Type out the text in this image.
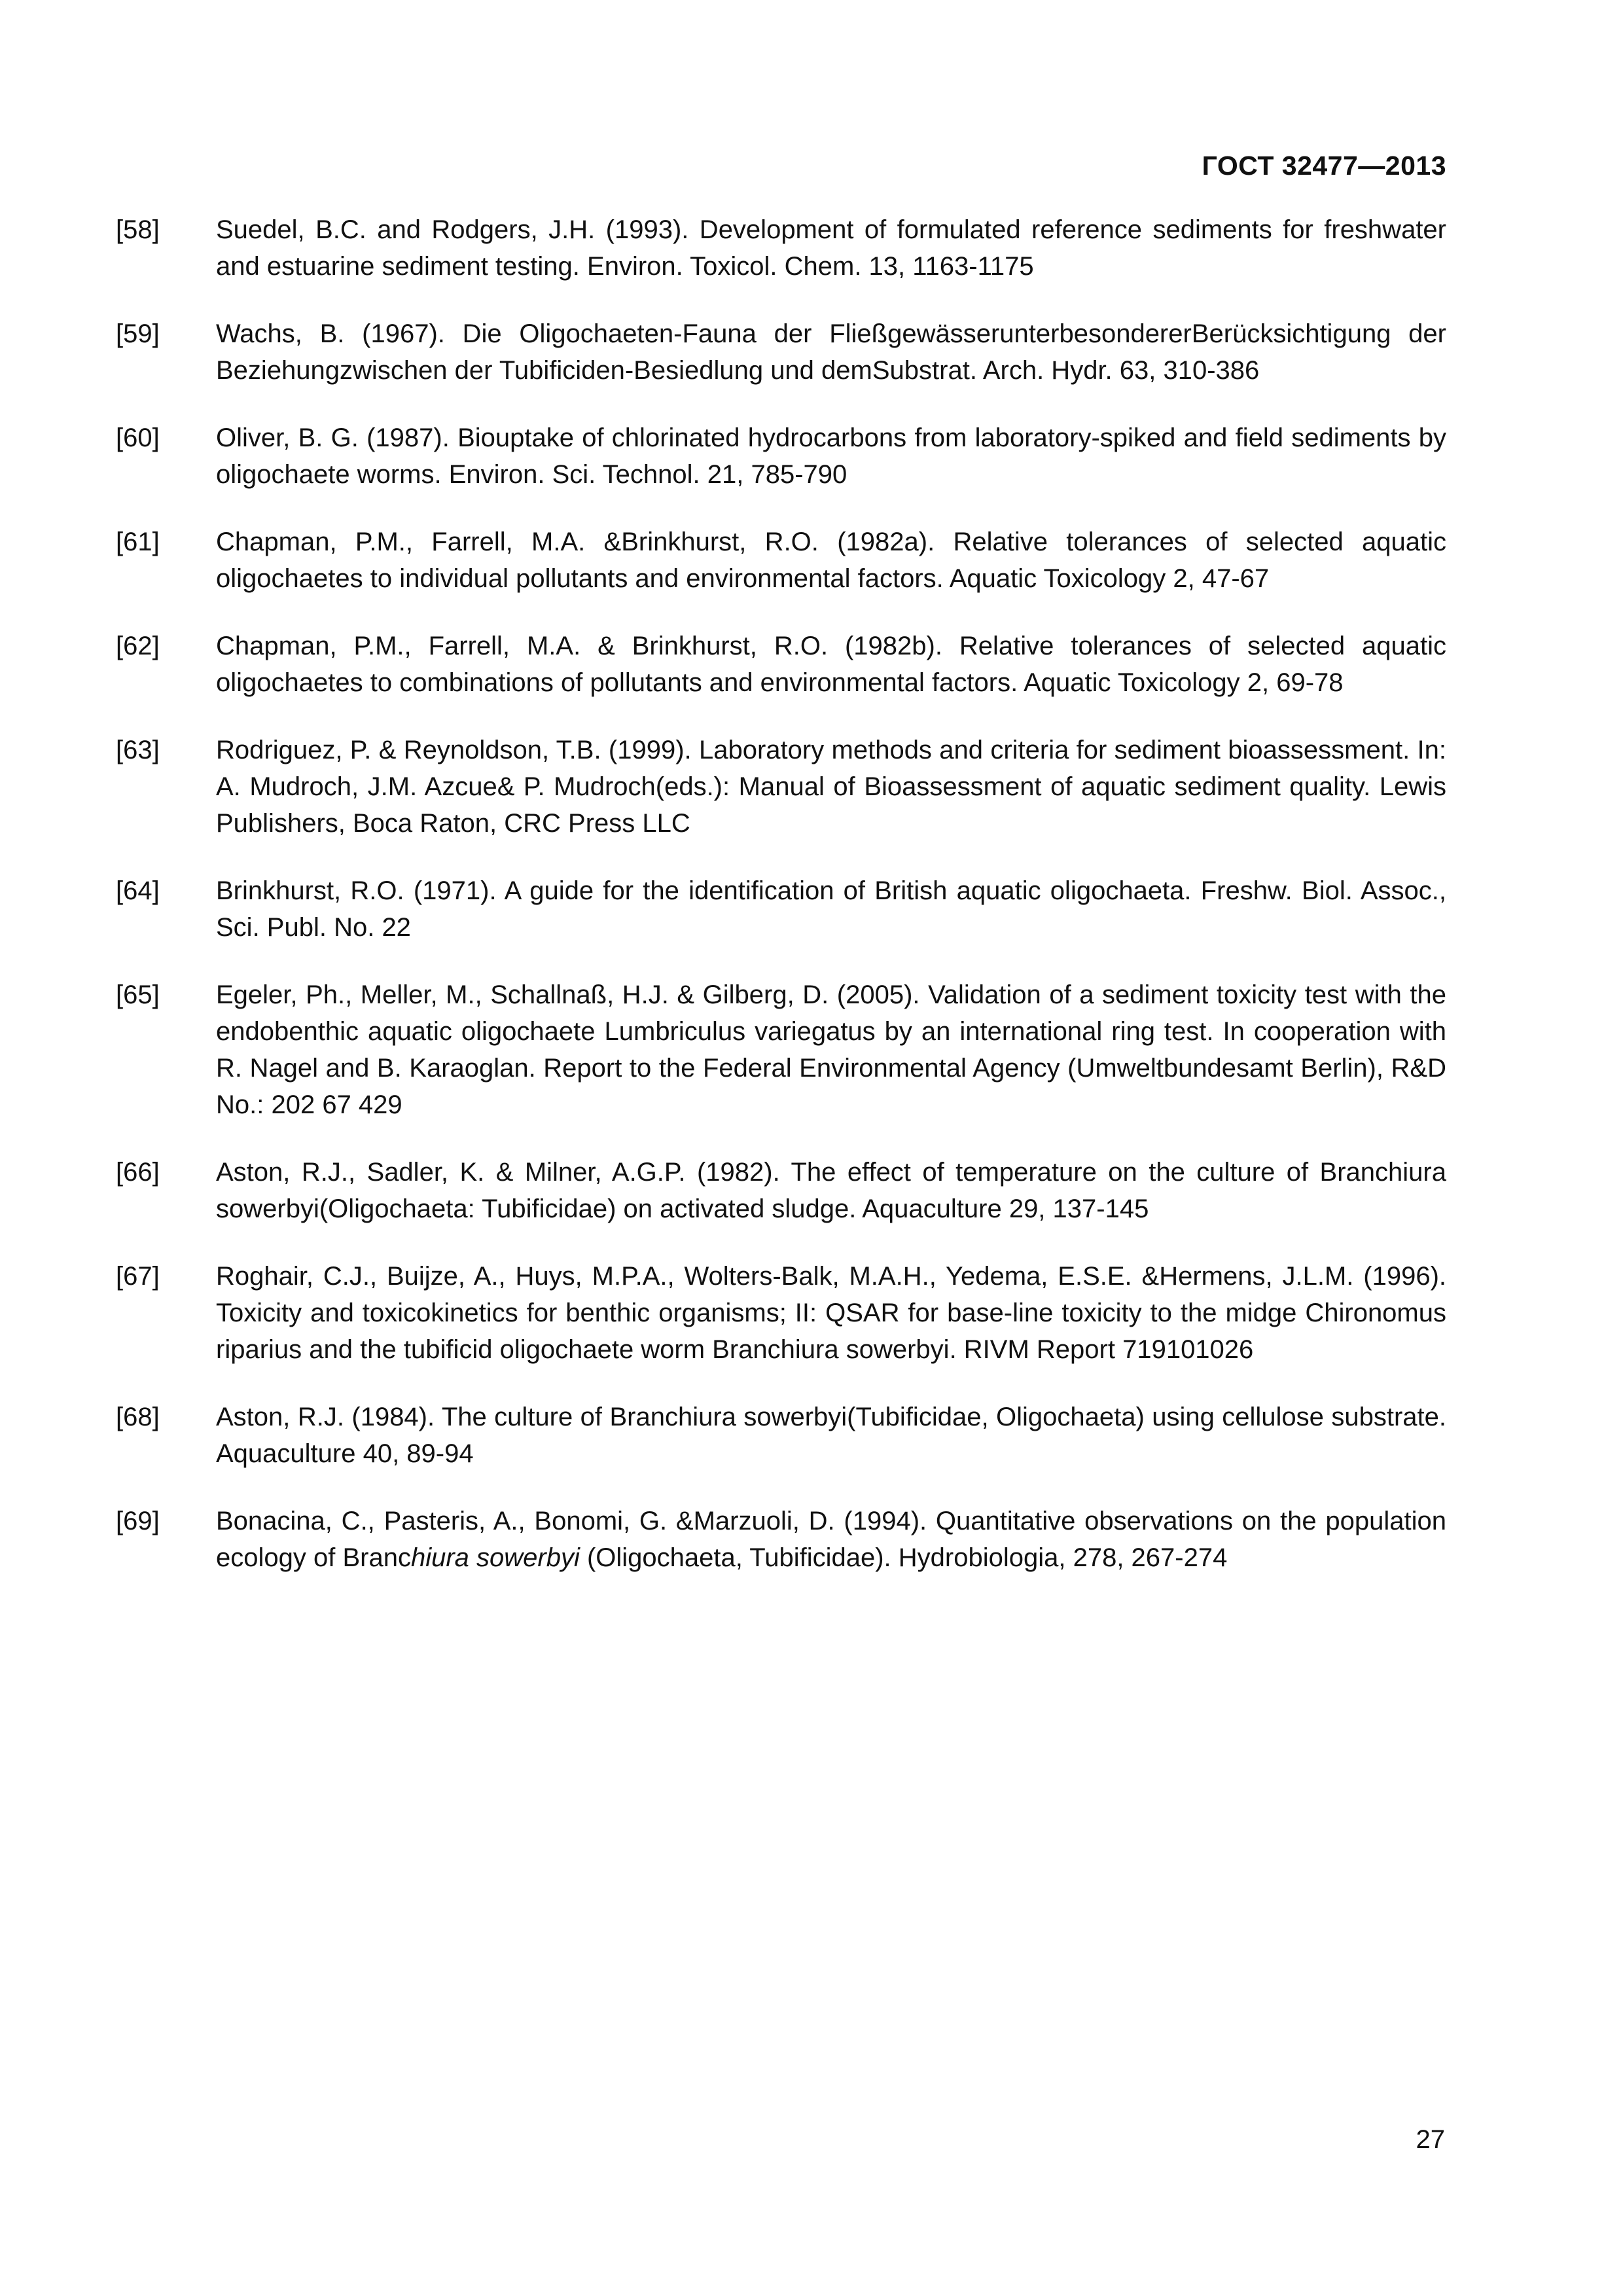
ГОСТ 32477—2013
[58]	Suedel, B.C. and Rodgers, J.H. (1993). Development of formulated reference sediments for freshwater and estuarine sediment testing. Environ. Toxicol. Chem. 13, 1163-1175
[59]	Wachs, B. (1967). Die Oligochaeten-Fauna der FließgewässerunterbesondererBerücksichtigung der Beziehungzwischen der Tubificiden-Besiedlung und demSubstrat. Arch. Hydr. 63, 310-386
[60]	Oliver, B. G. (1987). Biouptake of chlorinated hydrocarbons from laboratory-spiked and field sediments by oligochaete worms. Environ. Sci. Technol. 21, 785-790
[61]	Chapman, P.M., Farrell, M.A. &Brinkhurst, R.O. (1982a). Relative tolerances of selected aquatic oligochaetes to individual pollutants and environmental factors. Aquatic Toxicology 2, 47-67
[62]	Chapman, P.M., Farrell, M.A. & Brinkhurst, R.O. (1982b). Relative tolerances of selected aquatic oligochaetes to combinations of pollutants and environmental factors. Aquatic Toxicology 2, 69-78
[63]	Rodriguez, P. & Reynoldson, T.B. (1999). Laboratory methods and criteria for sediment bioassessment. In: A. Mudroch, J.M. Azcue& P. Mudroch(eds.): Manual of Bioassessment of aquatic sediment quality. Lewis Publishers, Boca Raton, CRC Press LLC
[64]	Brinkhurst, R.O. (1971). A guide for the identification of British aquatic oligochaeta. Freshw. Biol. Assoc., Sci. Publ. No. 22
[65]	Egeler, Ph., Meller, M., Schallnaß, H.J. & Gilberg, D. (2005). Validation of a sediment toxicity test with the endobenthic aquatic oligochaete Lumbriculus variegatus by an international ring test. In cooperation with R. Nagel and B. Karaoglan. Report to the Federal Environmental Agency (Umweltbundesamt Berlin), R&D No.: 202 67 429
[66]	Aston, R.J., Sadler, K. & Milner, A.G.P. (1982). The effect of temperature on the culture of Branchiura sowerbyi(Oligochaeta: Tubificidae) on activated sludge. Aquaculture 29, 137-145
[67]	Roghair, C.J., Buijze, A., Huys, M.P.A., Wolters-Balk, M.A.H., Yedema, E.S.E. &Hermens, J.L.M. (1996). Toxicity and toxicokinetics for benthic organisms; II: QSAR for base-line toxicity to the midge Chironomus riparius and the tubificid oligochaete worm Branchiura sowerbyi. RIVM Report 719101026
[68]	Aston, R.J. (1984). The culture of Branchiura sowerbyi(Tubificidae, Oligochaeta) using cellulose substrate. Aquaculture 40, 89-94
[69]	Bonacina, C., Pasteris, A., Bonomi, G. &Marzuoli, D. (1994). Quantitative observations on the population ecology of Branchiura sowerbyi (Oligochaeta, Tubificidae). Hydrobiologia, 278, 267-274
27
